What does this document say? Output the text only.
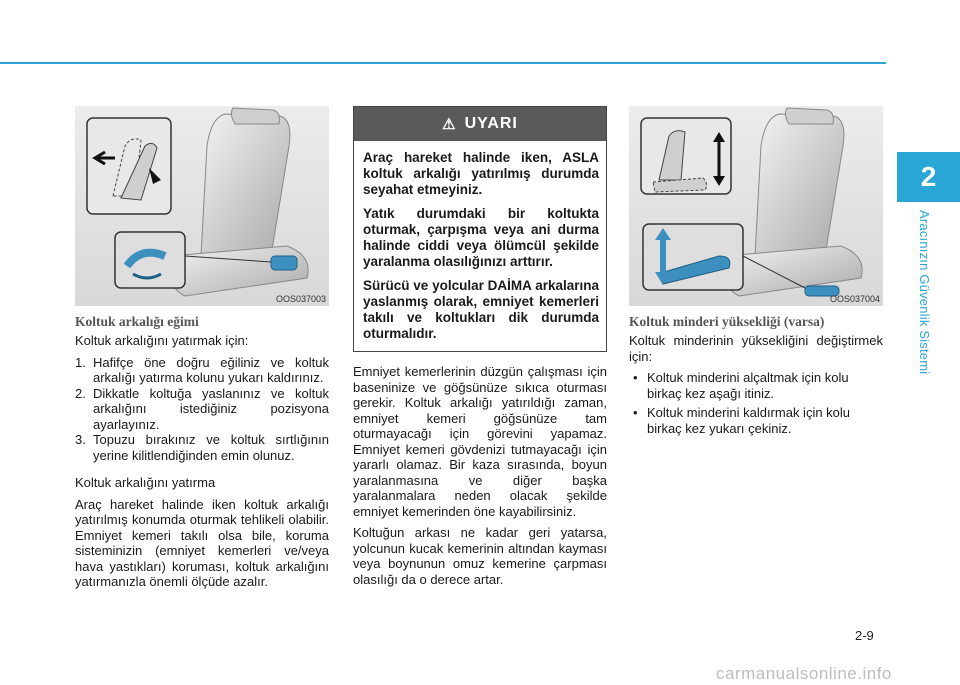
2
Aracınızın Güvenlik Sistemi
OOS037003
Koltuk arkalığı eğimi

Koltuk arkalığını yatırmak için:

1. Hafifçe öne doğru eğiliniz ve koltuk arkalığı yatırma kolunu yukarı kaldırınız.
2. Dikkatle koltuğa yaslanınız ve koltuk arkalığını istediğiniz pozisyona ayarlayınız.
3. Topuzu bırakınız ve koltuk sırtlığının yerine kilitlendiğinden emin olunuz.

Koltuk arkalığını yatırma

Araç hareket halinde iken koltuk arkalığı yatırılmış konumda oturmak tehlikeli olabilir. Emniyet kemeri takılı olsa bile, koruma sisteminizin (emniyet kemerleri ve/veya hava yastıkları) koruması, koltuk arkalığını yatırmanızla önemli ölçüde azalır.

⚠ UYARI

Araç hareket halinde iken, ASLA koltuk arkalığı yatırılmış durumda seyahat etmeyiniz.

Yatık durumdaki bir koltukta oturmak, çarpışma veya ani durma halinde ciddi veya ölümcül şekilde yaralanma olasılığınızı arttırır.

Sürücü ve yolcular DAİMA arkalarına yaslanmış olarak, emniyet kemerleri takılı ve koltukları dik durumda oturmalıdır.

Emniyet kemerlerinin düzgün çalışması için baseninize ve göğsünüze sıkıca oturması gerekir. Koltuk arkalığı yatırıldığı zaman, emniyet kemeri göğsünüze tam oturmayacağı için görevini yapamaz. Emniyet kemeri gövdenizi tutmayacağı için yararlı olamaz. Bir kaza sırasında, boyun yaralanmasına ve diğer başka yaralanmalara neden olacak şekilde emniyet kemerinden öne kayabilirsiniz.

Koltuğun arkası ne kadar geri yatarsa, yolcunun kucak kemerinin altından kayması veya boynunun omuz kemerine çarpması olasılığı da o derece artar.

OOS037004
Koltuk minderi yüksekliği (varsa)

Koltuk minderinin yüksekliğini değiştirmek için:

• Koltuk minderini alçaltmak için kolu birkaç kez aşağı itiniz.
• Koltuk minderini kaldırmak için kolu birkaç kez yukarı çekiniz.
2-9
carmanualsonline.info
